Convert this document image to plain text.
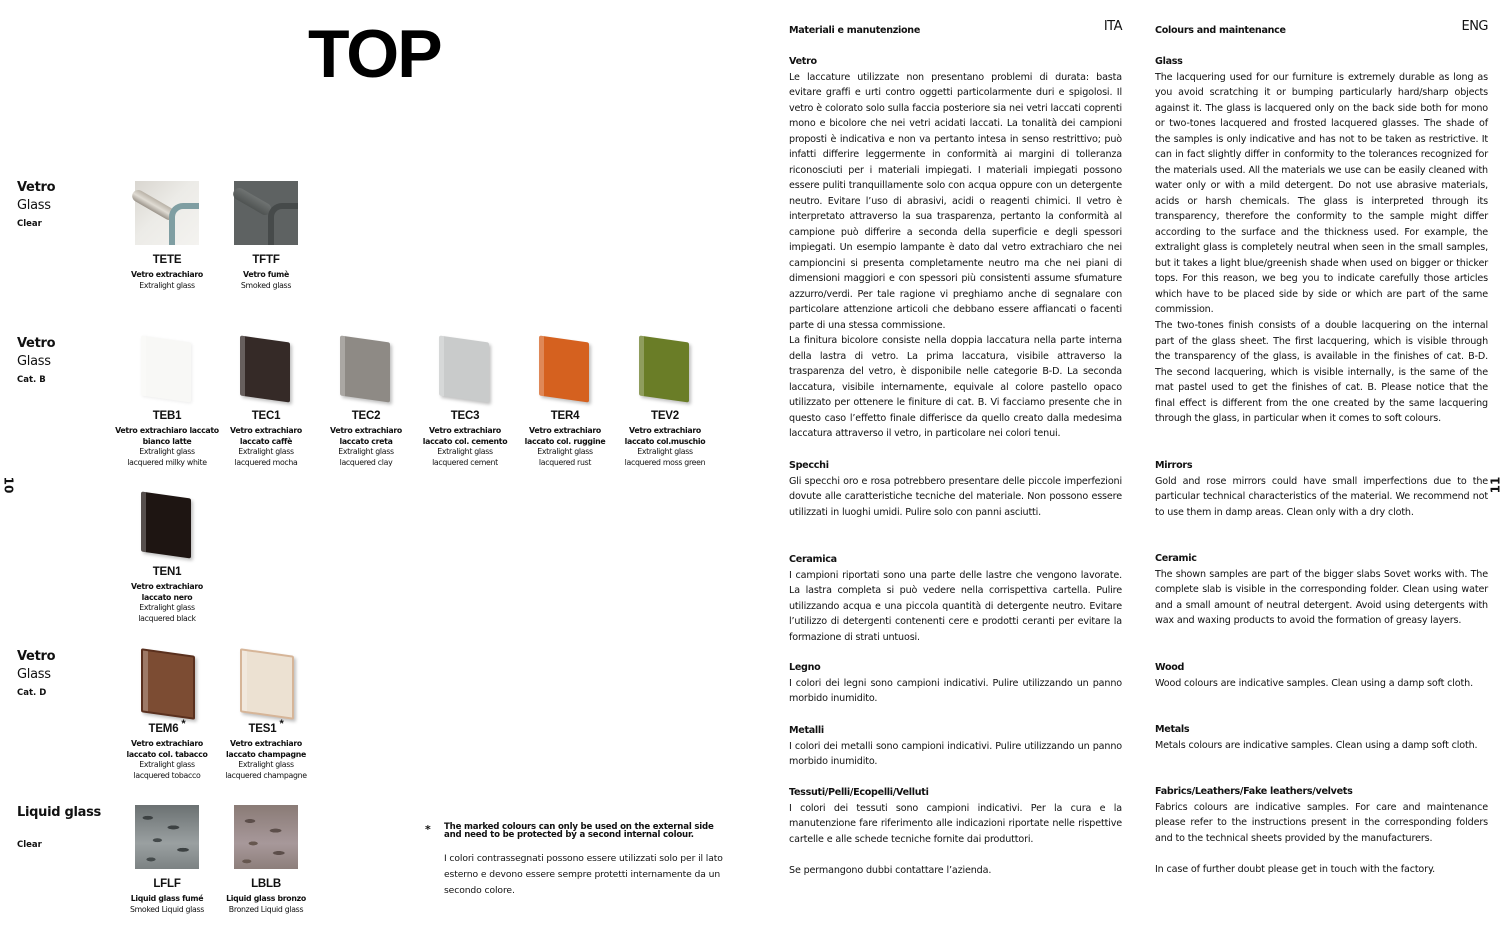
TOP
10
Vetro
Glass
Clear
Vetro
Glass
Cat. B
Vetro
Glass
Cat. D
Liquid glass
Clear
TETE
Vetro extrachiaro
Extralight glass
TFTF
Vetro fumè
Smoked glass
TEB1
Vetro extrachiaro laccato
bianco latte
Extralight glass
lacquered milky white
TEC1
Vetro extrachiaro
laccato caffè
Extralight glass
lacquered mocha
TEC2
Vetro extrachiaro
laccato creta
Extralight glass
lacquered clay
TEC3
Vetro extrachiaro
laccato col. cemento
Extralight glass
lacquered cement
TER4
Vetro extrachiaro
laccato col. ruggine
Extralight glass
lacquered rust
TEV2
Vetro extrachiaro
laccato col.muschio
Extralight glass
lacquered moss green
TEN1
Vetro extrachiaro
laccato nero
Extralight glass
lacquered black
TEM6 *
Vetro extrachiaro
laccato col. tabacco
Extralight glass
lacquered tobacco
TES1 *
Vetro extrachiaro
laccato champagne
Extralight glass
lacquered champagne
LFLF
Liquid glass fumé
Smoked Liquid glass
LBLB
Liquid glass bronzo
Bronzed Liquid glass
* The marked colours can only be used on the external side and need to be protected by a second internal colour.
I colori contrassegnati possono essere utilizzati solo per il lato esterno e devono essere sempre protetti internamente da un secondo colore.
11
Materiali e manutenzione	ITA
Vetro

Le laccature utilizzate non presentano problemi di durata: basta evitare graffi e urti contro oggetti particolarmente duri e spigolosi. Il vetro è colorato solo sulla faccia posteriore sia nei vetri laccati coprenti mono e bicolore che nei vetri acidati laccati. La tonalità dei campioni proposti è indicativa e non va pertanto intesa in senso restrittivo; può infatti differire leggermente in conformità ai margini di tolleranza riconosciuti per i materiali impiegati. I materiali impiegati possono essere puliti tranquillamente solo con acqua oppure con un detergente neutro. Evitare l’uso di abrasivi, acidi o reagenti chimici. Il vetro è interpretato attraverso la sua trasparenza, pertanto la conformità al campione può differire a seconda della superficie e degli spessori impiegati. Un esempio lampante è dato dal vetro extrachiaro che nei campioncini si presenta completamente neutro ma che nei piani di dimensioni maggiori e con spessori più consistenti assume sfumature azzurro/verdi. Per tale ragione vi preghiamo anche di segnalare con particolare attenzione articoli che debbano essere affiancati o facenti parte di una stessa commissione.

La finitura bicolore consiste nella doppia laccatura nella parte interna della lastra di vetro. La prima laccatura, visibile attraverso la trasparenza del vetro, è disponibile nelle categorie B-D. La seconda laccatura, visibile internamente, equivale al colore pastello opaco utilizzato per ottenere le finiture di cat. B. Vi facciamo presente che in questo caso l’effetto finale differisce da quello creato dalla medesima laccatura attraverso il vetro, in particolare nei colori tenui.

Specchi

Gli specchi oro e rosa potrebbero presentare delle piccole imperfezioni dovute alle caratteristiche tecniche del materiale. Non possono essere utilizzati in luoghi umidi. Pulire solo con panni asciutti.

Ceramica

I campioni riportati sono una parte delle lastre che vengono lavorate. La lastra completa si può vedere nella corrispettiva cartella. Pulire utilizzando acqua e una piccola quantità di detergente neutro. Evitare l’utilizzo di detergenti contenenti cere e prodotti ceranti per evitare la formazione di strati untuosi.

Legno

I colori dei legni sono campioni indicativi. Pulire utilizzando un panno morbido inumidito.

Metalli

I colori dei metalli sono campioni indicativi. Pulire utilizzando un panno morbido inumidito.

Tessuti/Pelli/Ecopelli/Velluti

I colori dei tessuti sono campioni indicativi. Per la cura e la manutenzione fare riferimento alle indicazioni riportate nelle rispettive cartelle e alle schede tecniche fornite dai produttori.

Se permangono dubbi contattare l’azienda.

Colours and maintenance	ENG
Glass

The lacquering used for our furniture is extremely durable as long as you avoid scratching it or bumping particularly hard/sharp objects against it. The glass is lacquered only on the back side both for mono or two-tones lacquered and frosted lacquered glasses. The shade of the samples is only indicative and has not to be taken as restrictive. It can in fact slightly differ in conformity to the tolerances recognized for the materials used. All the materials we use can be easily cleaned with water only or with a mild detergent. Do not use abrasive materials, acids or harsh chemicals. The glass is interpreted through its transparency, therefore the conformity to the sample might differ according to the surface and the thickness used. For example, the extralight glass is completely neutral when seen in the small samples, but it takes a light blue/greenish shade when used on bigger or thicker tops. For this reason, we beg you to indicate carefully those articles which have to be placed side by side or which are part of the same commission.

The two-tones finish consists of a double lacquering on the internal part of the glass sheet. The first lacquering, which is visible through the transparency of the glass, is available in the finishes of cat. B-D. The second lacquering, which is visible internally, is the same of the mat pastel used to get the finishes of cat. B. Please notice that the final effect is different from the one created by the same lacquering through the glass, in particular when it comes to soft colours.

Mirrors

Gold and rose mirrors could have small imperfections due to the particular technical characteristics of the material. We recommend not to use them in damp areas. Clean only with a dry cloth.

Ceramic

The shown samples are part of the bigger slabs Sovet works with. The complete slab is visible in the corresponding folder. Clean using water and a small amount of neutral detergent. Avoid using detergents with wax and waxing products to avoid the formation of greasy layers.

Wood

Wood colours are indicative samples. Clean using a damp soft cloth.

Metals

Metals colours are indicative samples. Clean using a damp soft cloth.

Fabrics/Leathers/Fake leathers/velvets

Fabrics colours are indicative samples. For care and maintenance please refer to the instructions present in the corresponding folders and to the technical sheets provided by the manufacturers.

In case of further doubt please get in touch with the factory.
